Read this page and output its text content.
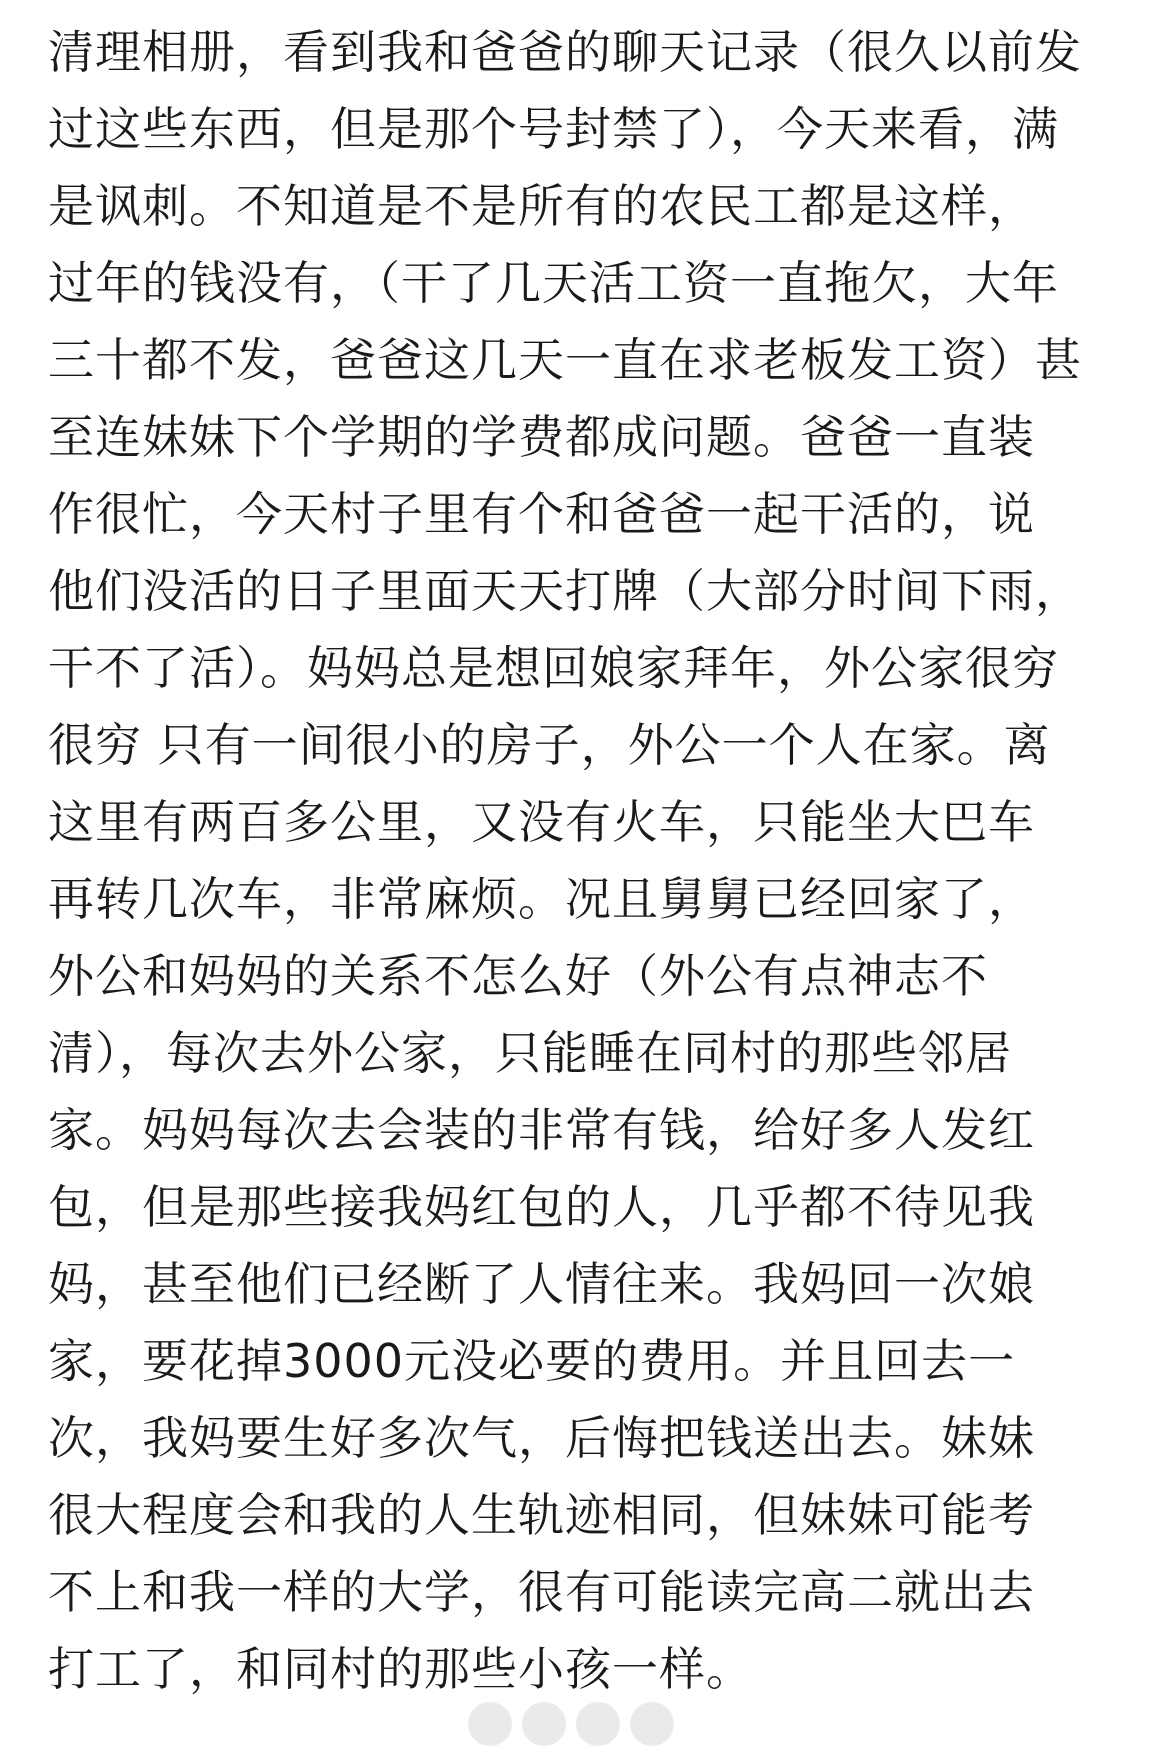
清理相册，看到我和爸爸的聊天记录（很久以前发
过这些东西，但是那个号封禁了），今天来看，满
是讽刺。不知道是不是所有的农民工都是这样，
过年的钱没有，（干了几天活工资一直拖欠，大年
三十都不发，爸爸这几天一直在求老板发工资）甚
至连妹妹下个学期的学费都成问题。爸爸一直装
作很忙，今天村子里有个和爸爸一起干活的，说
他们没活的日子里面天天打牌（大部分时间下雨，
干不了活）。妈妈总是想回娘家拜年，外公家很穷
很穷 只有一间很小的房子，外公一个人在家。离
这里有两百多公里，又没有火车，只能坐大巴车
再转几次车，非常麻烦。况且舅舅已经回家了，
外公和妈妈的关系不怎么好（外公有点神志不
清），每次去外公家，只能睡在同村的那些邻居
家。妈妈每次去会装的非常有钱，给好多人发红
包，但是那些接我妈红包的人，几乎都不待见我
妈，甚至他们已经断了人情往来。我妈回一次娘
家，要花掉3000元没必要的费用。并且回去一
次，我妈要生好多次气，后悔把钱送出去。妹妹
很大程度会和我的人生轨迹相同，但妹妹可能考
不上和我一样的大学，很有可能读完高二就出去
打工了，和同村的那些小孩一样。
